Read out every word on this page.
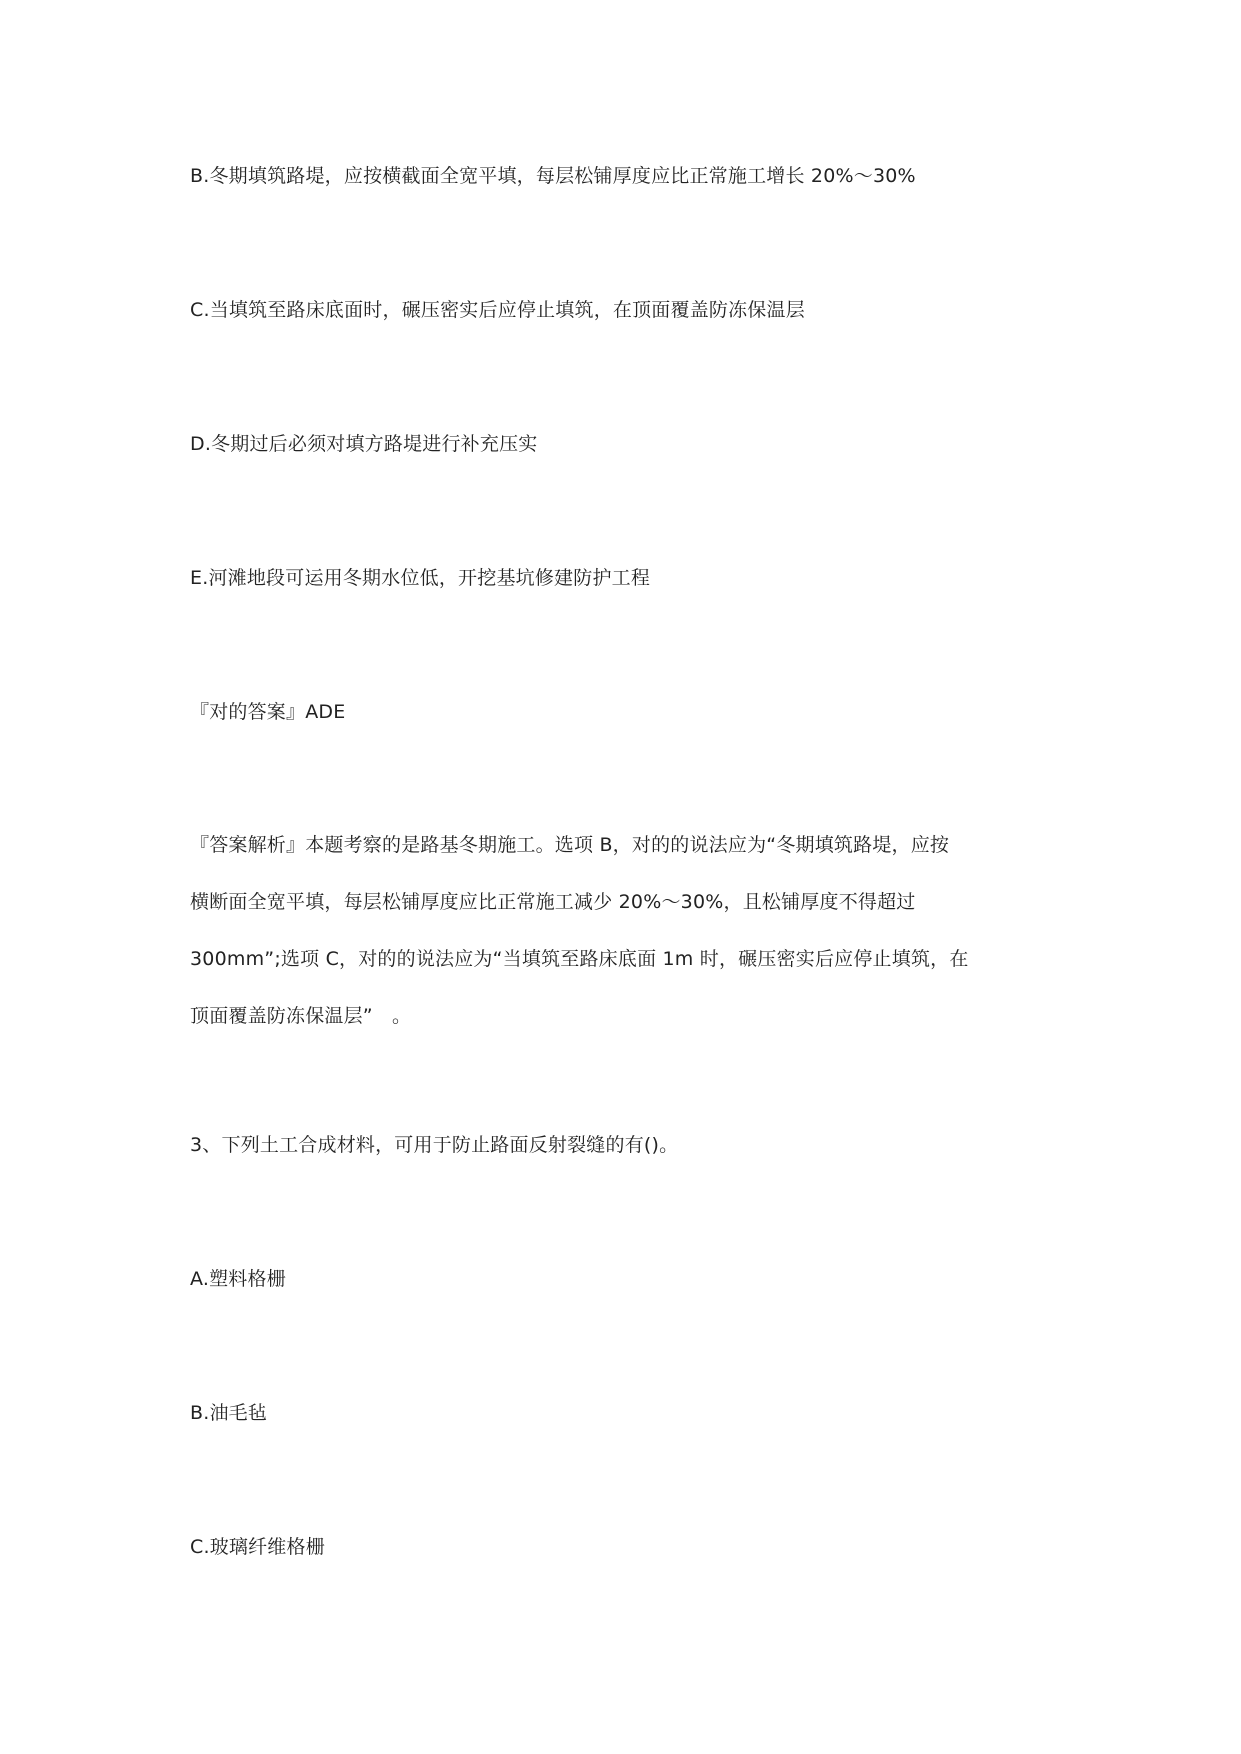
B.冬期填筑路堤，应按横截面全宽平填，每层松铺厚度应比正常施工增长 20%～30%
C.当填筑至路床底面时，碾压密实后应停止填筑，在顶面覆盖防冻保温层
D.冬期过后必须对填方路堤进行补充压实
E.河滩地段可运用冬期水位低，开挖基坑修建防护工程
『对的答案』ADE
『答案解析』本题考察的是路基冬期施工。选项 B，对的的说法应为“冬期填筑路堤，应按
横断面全宽平填，每层松铺厚度应比正常施工减少 20%～30%，且松铺厚度不得超过
300mm”;选项 C，对的的说法应为“当填筑至路床底面 1m 时，碾压密实后应停止填筑，在
顶面覆盖防冻保温层”　。
3、下列土工合成材料，可用于防止路面反射裂缝的有()。
A.塑料格栅
B.油毛毡
C.玻璃纤维格栅
